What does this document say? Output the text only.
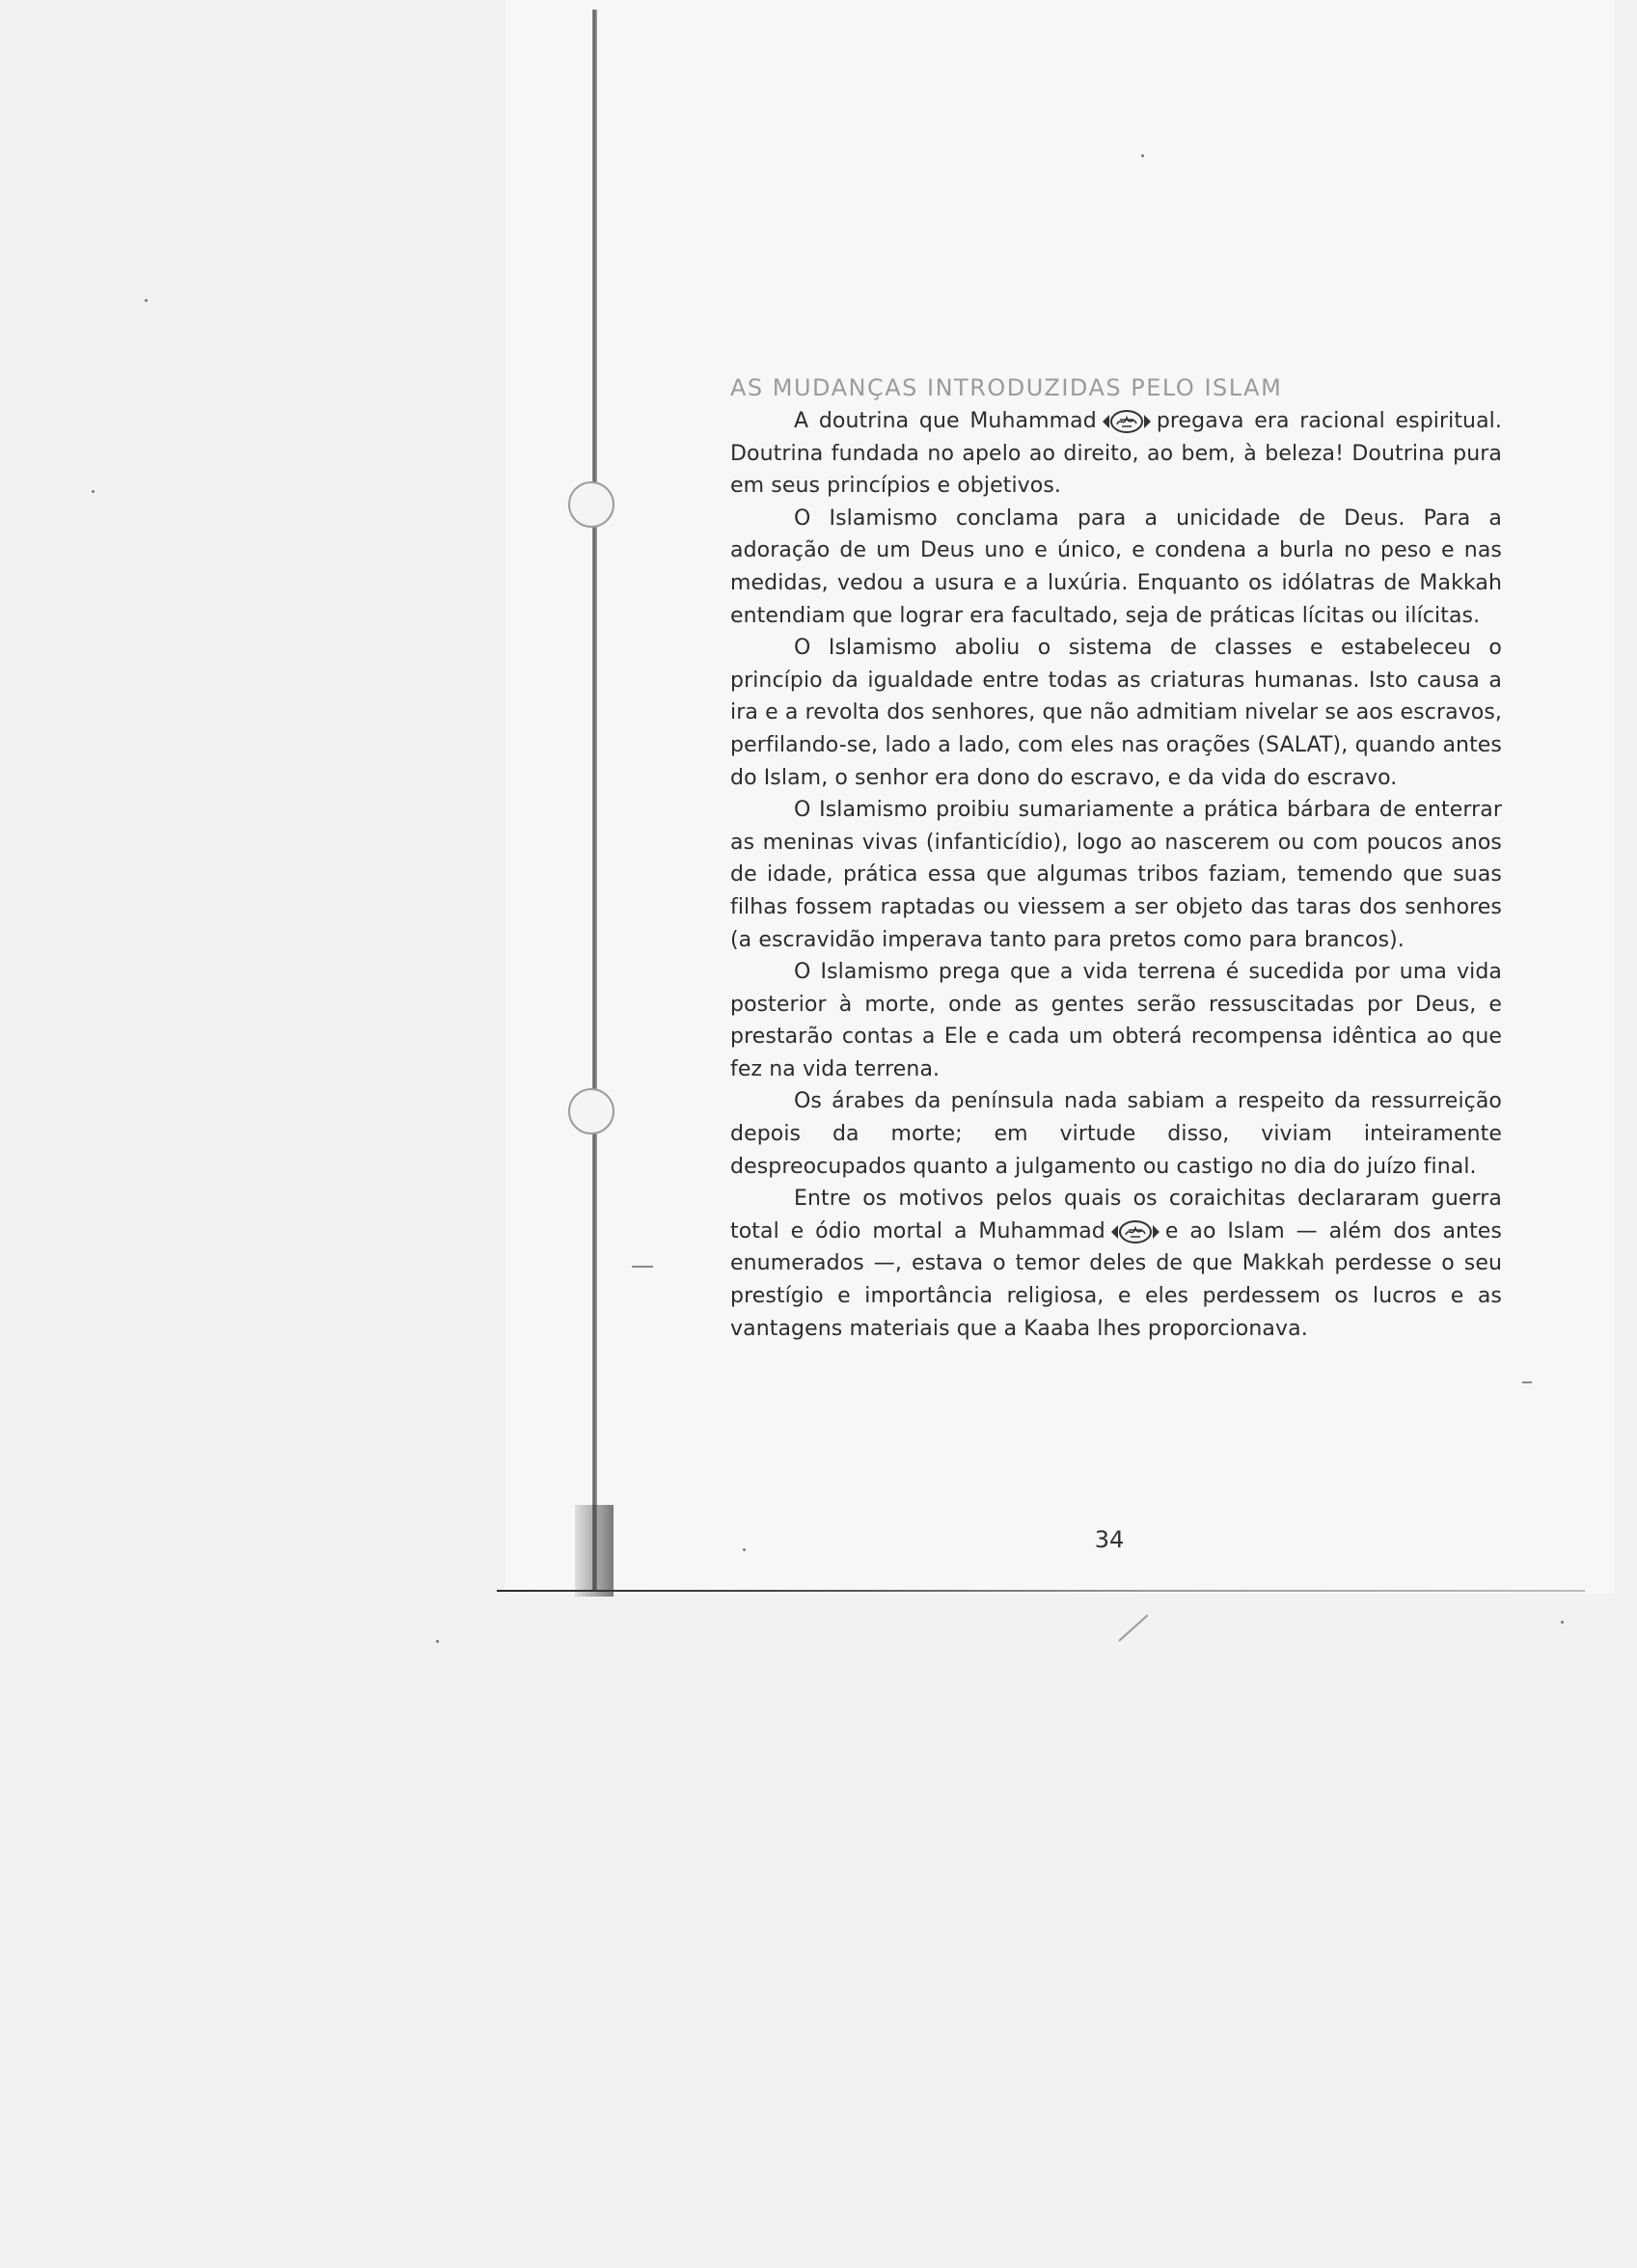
AS MUDANÇAS INTRODUZIDAS PELO ISLAM

A doutrina que Muhammad	pregava era racional espiritual. Doutrina fundada no apelo ao direito, ao bem, à beleza! Doutrina pura em seus princípios e objetivos.

O Islamismo conclama para a unicidade de Deus. Para a adoração de um Deus uno e único, e condena a burla no peso e nas medidas, vedou a usura e a luxúria. Enquanto os idólatras de Makkah entendiam que lograr era facultado, seja de práticas lícitas ou ilícitas.

O Islamismo aboliu o sistema de classes e estabeleceu o princípio da igualdade entre todas as criaturas humanas. Isto causa a ira e a revolta dos senhores, que não admitiam nivelar se aos escravos, perfilando-se, lado a lado, com eles nas orações (SALAT), quando antes do Islam, o senhor era dono do escravo, e da vida do escravo.

O Islamismo proibiu sumariamente a prática bárbara de enterrar as meninas vivas (infanticídio), logo ao nascerem ou com poucos anos de idade, prática essa que algumas tribos faziam, temendo que suas filhas fossem raptadas ou viessem a ser objeto das taras dos senhores (a escravidão imperava tanto para pretos como para brancos).

O Islamismo prega que a vida terrena é sucedida por uma vida posterior à morte, onde as gentes serão ressuscitadas por Deus, e prestarão contas a Ele e cada um obterá recompensa idêntica ao que fez na vida terrena.

Os árabes da península nada sabiam a respeito da ressurreição depois da morte; em virtude disso, viviam inteiramente despreocupados quanto a julgamento ou castigo no dia do juízo final.

Entre os motivos pelos quais os coraichitas declararam guerra total e ódio mortal a Muhammad	e ao Islam — além dos antes enumerados —, estava o temor deles de que Makkah perdesse o seu prestígio e importância religiosa, e eles perdessem os lucros e as vantagens materiais que a Kaaba lhes proporcionava.

34
